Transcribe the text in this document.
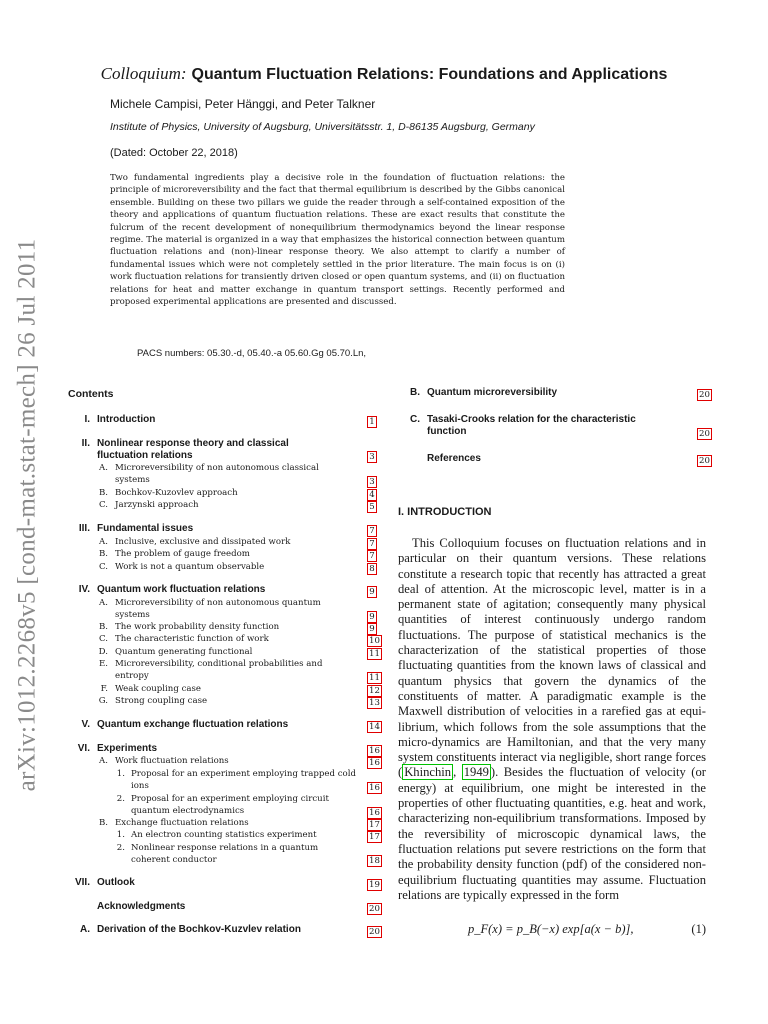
arXiv:1012.2268v5 [cond-mat.stat-mech] 26 Jul 2011
Colloquium: Quantum Fluctuation Relations: Foundations and Applications
Michele Campisi, Peter Hänggi, and Peter Talkner
Institute of Physics, University of Augsburg, Universitätsstr. 1, D-86135 Augsburg, Germany
(Dated: October 22, 2018)
Two fundamental ingredients play a decisive role in the foundation of fluctuation relations: the principle of microreversibility and the fact that thermal equilibrium is described by the Gibbs canonical ensemble. Building on these two pillars we guide the reader through a self-contained exposition of the theory and applications of quantum fluctuation relations. These are exact results that constitute the fulcrum of the recent development of nonequilibrium thermodynamics beyond the linear response regime. The material is organized in a way that emphasizes the historical connection between quantum fluctuation relations and (non)-linear response theory. We also attempt to clarify a number of fundamental issues which were not completely settled in the prior literature. The main focus is on (i) work fluctuation relations for transiently driven closed or open quantum systems, and (ii) on fluctuation relations for heat and matter exchange in quantum transport settings. Recently performed and proposed experimental applications are presented and discussed.
PACS numbers: 05.30.-d, 05.40.-a 05.60.Gg 05.70.Ln,
Contents
I. Introduction	1
II. Nonlinear response theory and classical
fluctuation relations	3
A. Microreversibility of non autonomous classical
systems	3
B. Bochkov-Kuzovlev approach	4
C. Jarzynski approach	5
III. Fundamental issues	7
A. Inclusive, exclusive and dissipated work	7
B. The problem of gauge freedom	7
C. Work is not a quantum observable	8
IV. Quantum work fluctuation relations	9
A. Microreversibility of non autonomous quantum
systems	9
B. The work probability density function	9
C. The characteristic function of work	10
D. Quantum generating functional	11
E. Microreversibility, conditional probabilities and
entropy	11
F. Weak coupling case	12
G. Strong coupling case	13
V. Quantum exchange fluctuation relations	14
VI. Experiments	16
A. Work fluctuation relations	16
1. Proposal for an experiment employing trapped cold
ions	16
2. Proposal for an experiment employing circuit
quantum electrodynamics	16
B. Exchange fluctuation relations	17
1. An electron counting statistics experiment	17
2. Nonlinear response relations in a quantum
coherent conductor	18
VII. Outlook	19
Acknowledgments	20
A. Derivation of the Bochkov-Kuzvlev relation	20
B. Quantum microreversibility	20
C. Tasaki-Crooks relation for the characteristic
function	20
References	20
I. INTRODUCTION
This Colloquium focuses on fluctuation relations and in particular on their quantum versions. These relations constitute a research topic that recently has attracted a great deal of attention. At the microscopic level, matter is in a permanent state of agitation; consequently many physical quantities of interest continuously undergo random fluctuations. The purpose of statistical mechanics is the characterization of the statistical properties of those fluctuating quantities from the known laws of classical and quantum physics that govern the dynamics of the constituents of matter. A paradigmatic example is the Maxwell distribution of velocities in a rarefied gas at equilibrium, which follows from the sole assumptions that the micro-dynamics are Hamiltonian, and that the very many system constituents interact via negligible, short range forces ( Khinchin , 1949 ). Besides the fluctuation of velocity (or energy) at equilibrium, one might be interested in the properties of other fluctuating quantities, e.g. heat and work, characterizing non-equilibrium transformations. Imposed by the reversibility of microscopic dynamical laws, the fluctuation relations put severe restrictions on the form that the probability density function (pdf) of the considered non-equilibrium fluctuating quantities may assume. Fluctuation relations are typically expressed in the form
p_F(x) = p_B(−x) exp[a(x − b)],	(1)
